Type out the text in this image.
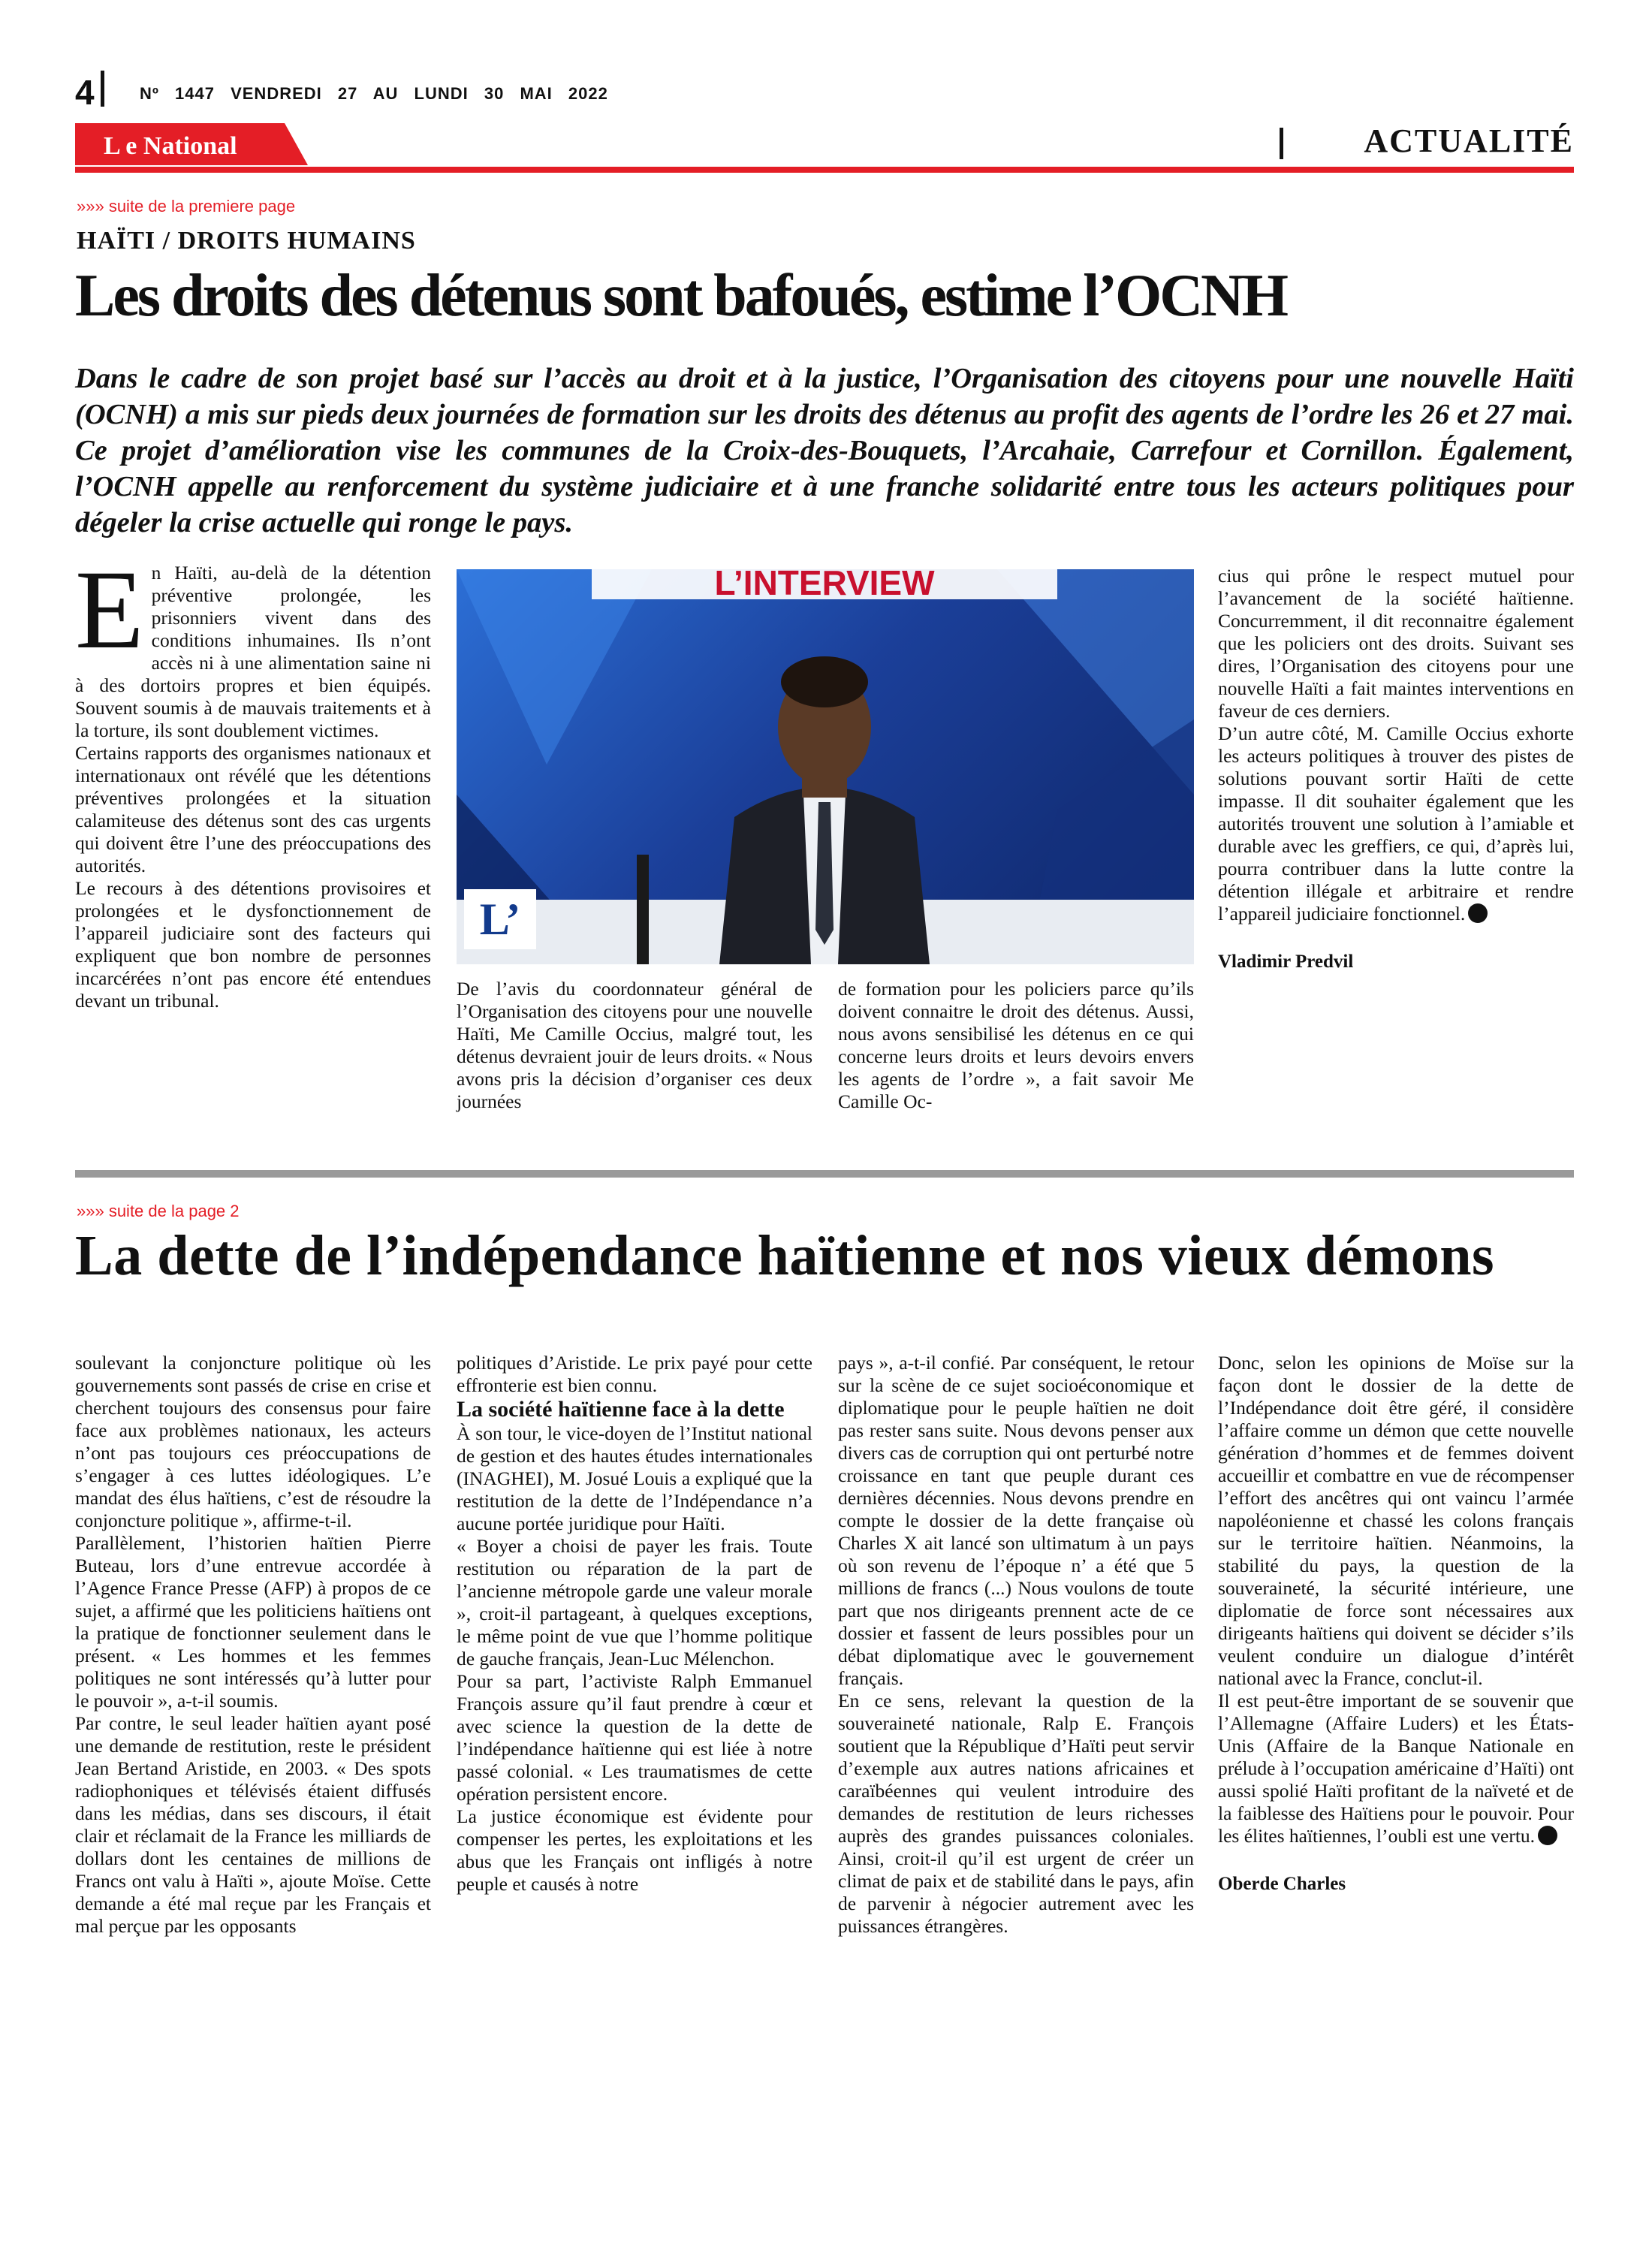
4	Nº 1447 VENDREDI 27 AU LUNDI 30 MAI 2022
L e National	ACTUALITÉ
»»» suite de la premiere page
HAÏTI / DROITS HUMAINS
Les droits des détenus sont bafoués, estime l’OCNH

Dans le cadre de son projet basé sur l’accès au droit et à la justice, l’Organisation des citoyens pour une nouvelle Haïti (OCNH) a mis sur pieds deux journées de formation sur les droits des détenus au profit des agents de l’ordre les 26 et 27 mai. Ce projet d’amélioration vise les communes de la Croix-des-Bouquets, l’Arcahaie, Carrefour et Cornillon. Également, l’OCNH appelle au renforcement du système judiciaire et à une franche solidarité entre tous les acteurs politiques pour dégeler la crise actuelle qui ronge le pays.

E n Haïti, au-delà de la détention préventive prolongée, les prisonniers vivent dans des conditions inhumaines. Ils n’ont accès ni à une alimentation saine ni à des dortoirs propres et bien équipés. Souvent soumis à de mauvais traitements et à la torture, ils sont doublement victimes.

Certains rapports des organismes nationaux et internationaux ont révélé que les détentions préventives prolongées et la situation calamiteuse des détenus sont des cas urgents qui doivent être l’une des préoccupations des autorités.

Le recours à des détentions provisoires et prolongées et le dysfonctionnement de l’appareil judiciaire sont des facteurs qui expliquent que bon nombre de personnes incarcérées n’ont pas encore été entendues devant un tribunal.

L’INTERVIEW
L’

De l’avis du coordonnateur général de l’Organisation des citoyens pour une nouvelle Haïti, Me Camille Occius, malgré tout, les détenus devraient jouir de leurs droits. « Nous avons pris la décision d’organiser ces deux journées

de formation pour les policiers parce qu’ils doivent connaitre le droit des détenus. Aussi, nous avons sensibilisé les détenus en ce qui concerne leurs droits et leurs devoirs envers les agents de l’ordre », a fait savoir Me Camille Oc-

cius qui prône le respect mutuel pour l’avancement de la société haïtienne. Concurremment, il dit reconnaitre également que les policiers ont des droits. Suivant ses dires, l’Organisation des citoyens pour une nouvelle Haïti a fait maintes interventions en faveur de ces derniers.

D’un autre côté, M. Camille Occius exhorte les acteurs politiques à trouver des pistes de solutions pouvant sortir Haïti de cette impasse. Il dit souhaiter également que les autorités trouvent une solution à l’amiable et durable avec les greffiers, ce qui, d’après lui, pourra contribuer dans la lutte contre la détention illégale et arbitraire et rendre l’appareil judiciaire fonctionnel.

Vladimir Predvil

»»» suite de la page 2
La dette de l’indépendance haïtienne et nos vieux démons

soulevant la conjoncture politique où les gouvernements sont passés de crise en crise et cherchent toujours des consensus pour faire face aux problèmes nationaux, les acteurs n’ont pas toujours ces préoccupations de s’engager à ces luttes idéologiques. L’e mandat des élus haïtiens, c’est de résoudre la conjoncture politique », affirme-t-il.

Parallèlement, l’historien haïtien Pierre Buteau, lors d’une entrevue accordée à l’Agence France Presse (AFP) à propos de ce sujet, a affirmé que les politiciens haïtiens ont la pratique de fonctionner seulement dans le présent. « Les hommes et les femmes politiques ne sont intéressés qu’à lutter pour le pouvoir », a-t-il soumis.

Par contre, le seul leader haïtien ayant posé une demande de restitution, reste le président Jean Bertand Aristide, en 2003. « Des spots radiophoniques et télévisés étaient diffusés dans les médias, dans ses discours, il était clair et réclamait de la France les milliards de dollars dont les centaines de millions de Francs ont valu à Haïti », ajoute Moïse. Cette demande a été mal reçue par les Français et mal perçue par les opposants

politiques d’Aristide. Le prix payé pour cette effronterie est bien connu.

La société haïtienne face à la dette

À son tour, le vice-doyen de l’Institut national de gestion et des hautes études internationales (INAGHEI), M. Josué Louis a expliqué que la restitution de la dette de l’Indépendance n’a aucune portée juridique pour Haïti.

« Boyer a choisi de payer les frais. Toute restitution ou réparation de la part de l’ancienne métropole garde une valeur morale », croit-il partageant, à quelques exceptions, le même point de vue que l’homme politique de gauche français, Jean-Luc Mélenchon.

Pour sa part, l’activiste Ralph Emmanuel François assure qu’il faut prendre à cœur et avec science la question de la dette de l’indépendance haïtienne qui est liée à notre passé colonial. « Les traumatismes de cette opération persistent encore.

La justice économique est évidente pour compenser les pertes, les exploitations et les abus que les Français ont infligés à notre peuple et causés à notre

pays », a-t-il confié. Par conséquent, le retour sur la scène de ce sujet socioéconomique et diplomatique pour le peuple haïtien ne doit pas rester sans suite. Nous devons penser aux divers cas de corruption qui ont perturbé notre croissance en tant que peuple durant ces dernières décennies. Nous devons prendre en compte le dossier de la dette française où Charles X ait lancé son ultimatum à un pays où son revenu de l’époque n’ a été que 5 millions de francs (...) Nous voulons de toute part que nos dirigeants prennent acte de ce dossier et fassent de leurs possibles pour un débat diplomatique avec le gouvernement français.

En ce sens, relevant la question de la souveraineté nationale, Ralp E. François soutient que la République d’Haïti peut servir d’exemple aux autres nations africaines et caraïbéennes qui veulent introduire des demandes de restitution de leurs richesses auprès des grandes puissances coloniales. Ainsi, croit-il qu’il est urgent de créer un climat de paix et de stabilité dans le pays, afin de parvenir à négocier autrement avec les puissances étrangères.

Donc, selon les opinions de Moïse sur la façon dont le dossier de la dette de l’Indépendance doit être géré, il considère l’affaire comme un démon que cette nouvelle génération d’hommes et de femmes doivent accueillir et combattre en vue de récompenser l’effort des ancêtres qui ont vaincu l’armée napoléonienne et chassé les colons français sur le territoire haïtien. Néanmoins, la stabilité du pays, la question de la souveraineté, la sécurité intérieure, une diplomatie de force sont nécessaires aux dirigeants haïtiens qui doivent se décider s’ils veulent conduire un dialogue d’intérêt national avec la France, conclut-il.

Il est peut-être important de se souvenir que l’Allemagne (Affaire Luders) et les États-Unis (Affaire de la Banque Nationale en prélude à l’occupation américaine d’Haïti) ont aussi spolié Haïti profitant de la naïveté et de la faiblesse des Haïtiens pour le pouvoir. Pour les élites haïtiennes, l’oubli est une vertu.

Oberde Charles
